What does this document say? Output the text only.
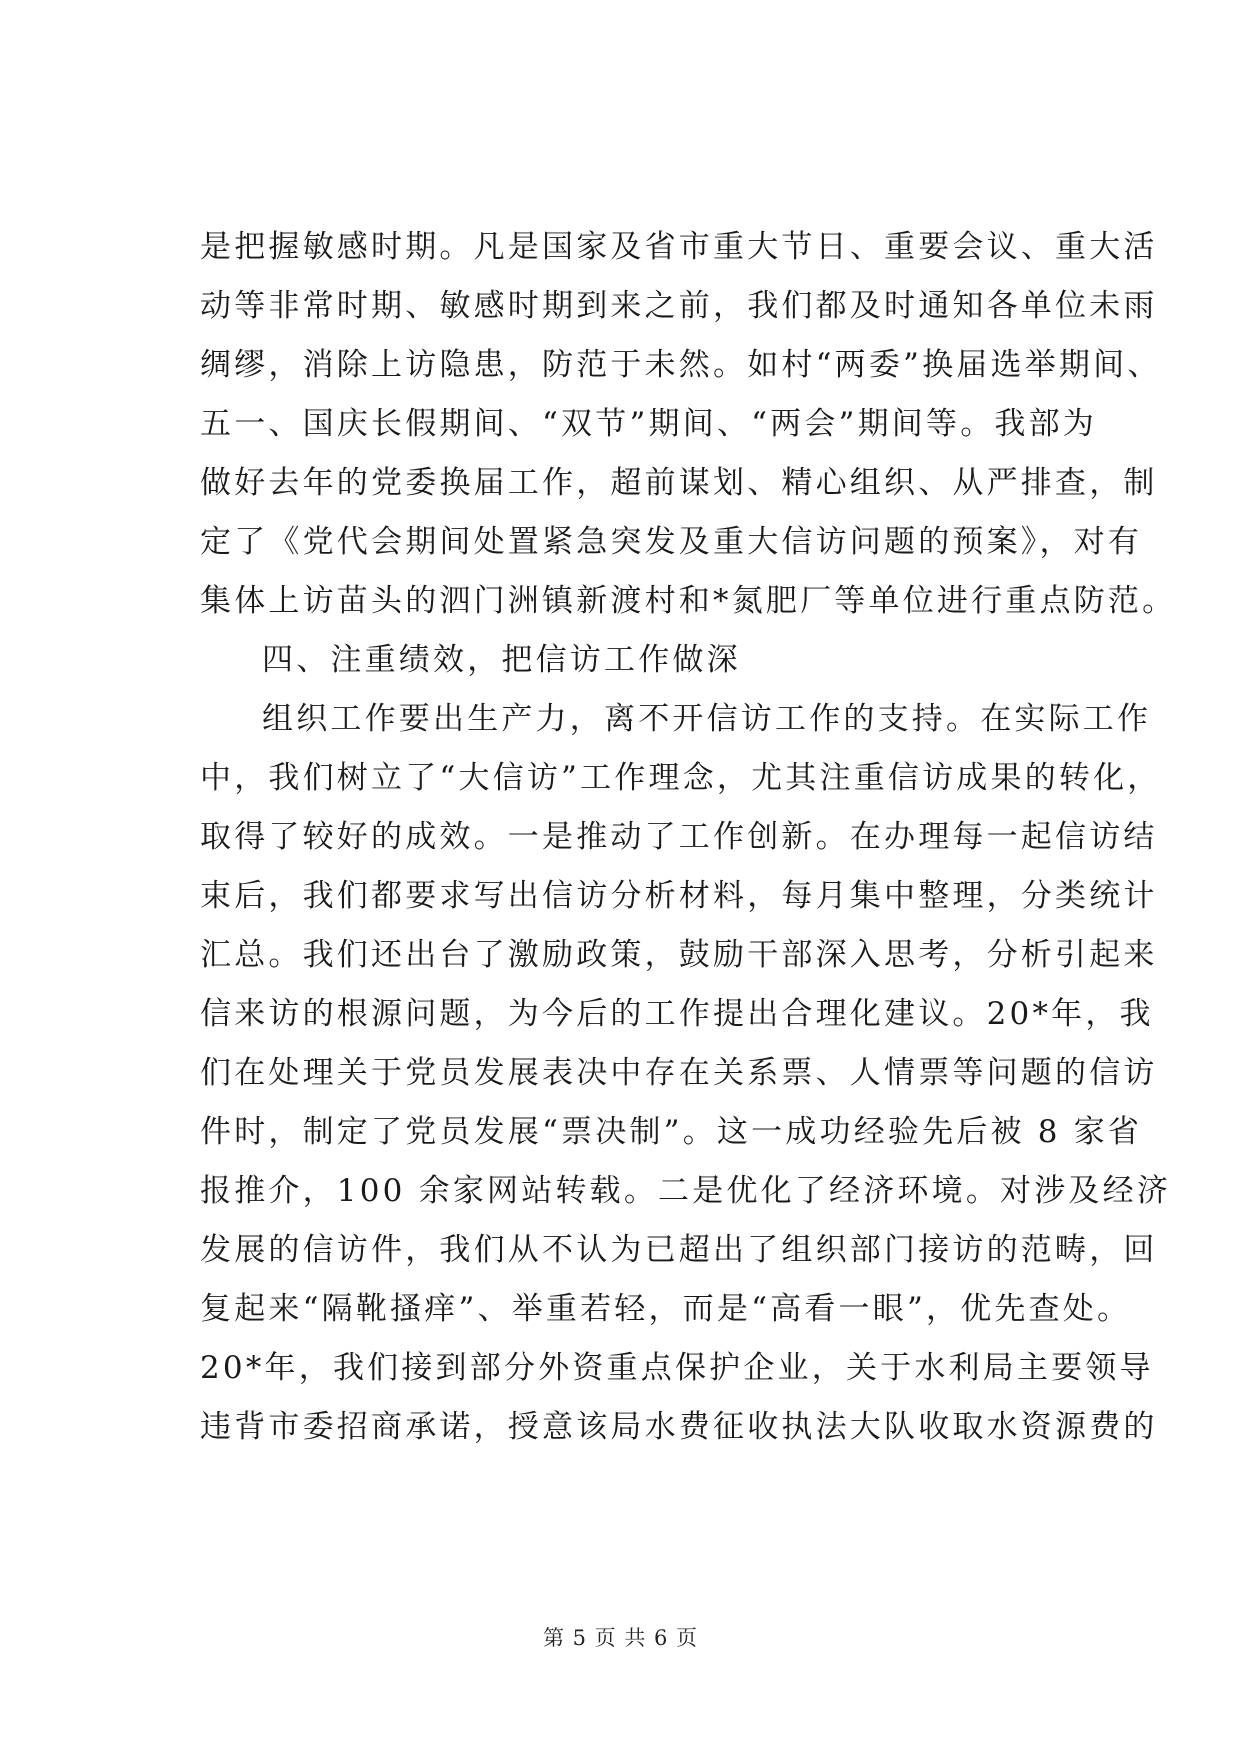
是把握敏感时期。凡是国家及省市重大节日、重要会议、重大活
动等非常时期、敏感时期到来之前，我们都及时通知各单位未雨
绸缪，消除上访隐患，防范于未然。如村“两委”换届选举期间、
五一、国庆长假期间、“双节”期间、“两会”期间等。我部为
做好去年的党委换届工作，超前谋划、精心组织、从严排查，制
定了《党代会期间处置紧急突发及重大信访问题的预案》，对有
集体上访苗头的泗门洲镇新渡村和*氮肥厂等单位进行重点防范。
四、注重绩效，把信访工作做深
组织工作要出生产力，离不开信访工作的支持。在实际工作
中，我们树立了“大信访”工作理念，尤其注重信访成果的转化，
取得了较好的成效。一是推动了工作创新。在办理每一起信访结
束后，我们都要求写出信访分析材料，每月集中整理，分类统计
汇总。我们还出台了激励政策，鼓励干部深入思考，分析引起来
信来访的根源问题，为今后的工作提出合理化建议。20*年，我
们在处理关于党员发展表决中存在关系票、人情票等问题的信访
件时，制定了党员发展“票决制”。这一成功经验先后被 8 家省
报推介，100 余家网站转载。二是优化了经济环境。对涉及经济
发展的信访件，我们从不认为已超出了组织部门接访的范畴，回
复起来“隔靴搔痒”、举重若轻，而是“高看一眼”，优先查处。
20*年，我们接到部分外资重点保护企业，关于水利局主要领导
违背市委招商承诺，授意该局水费征收执法大队收取水资源费的
第 5 页 共 6 页
